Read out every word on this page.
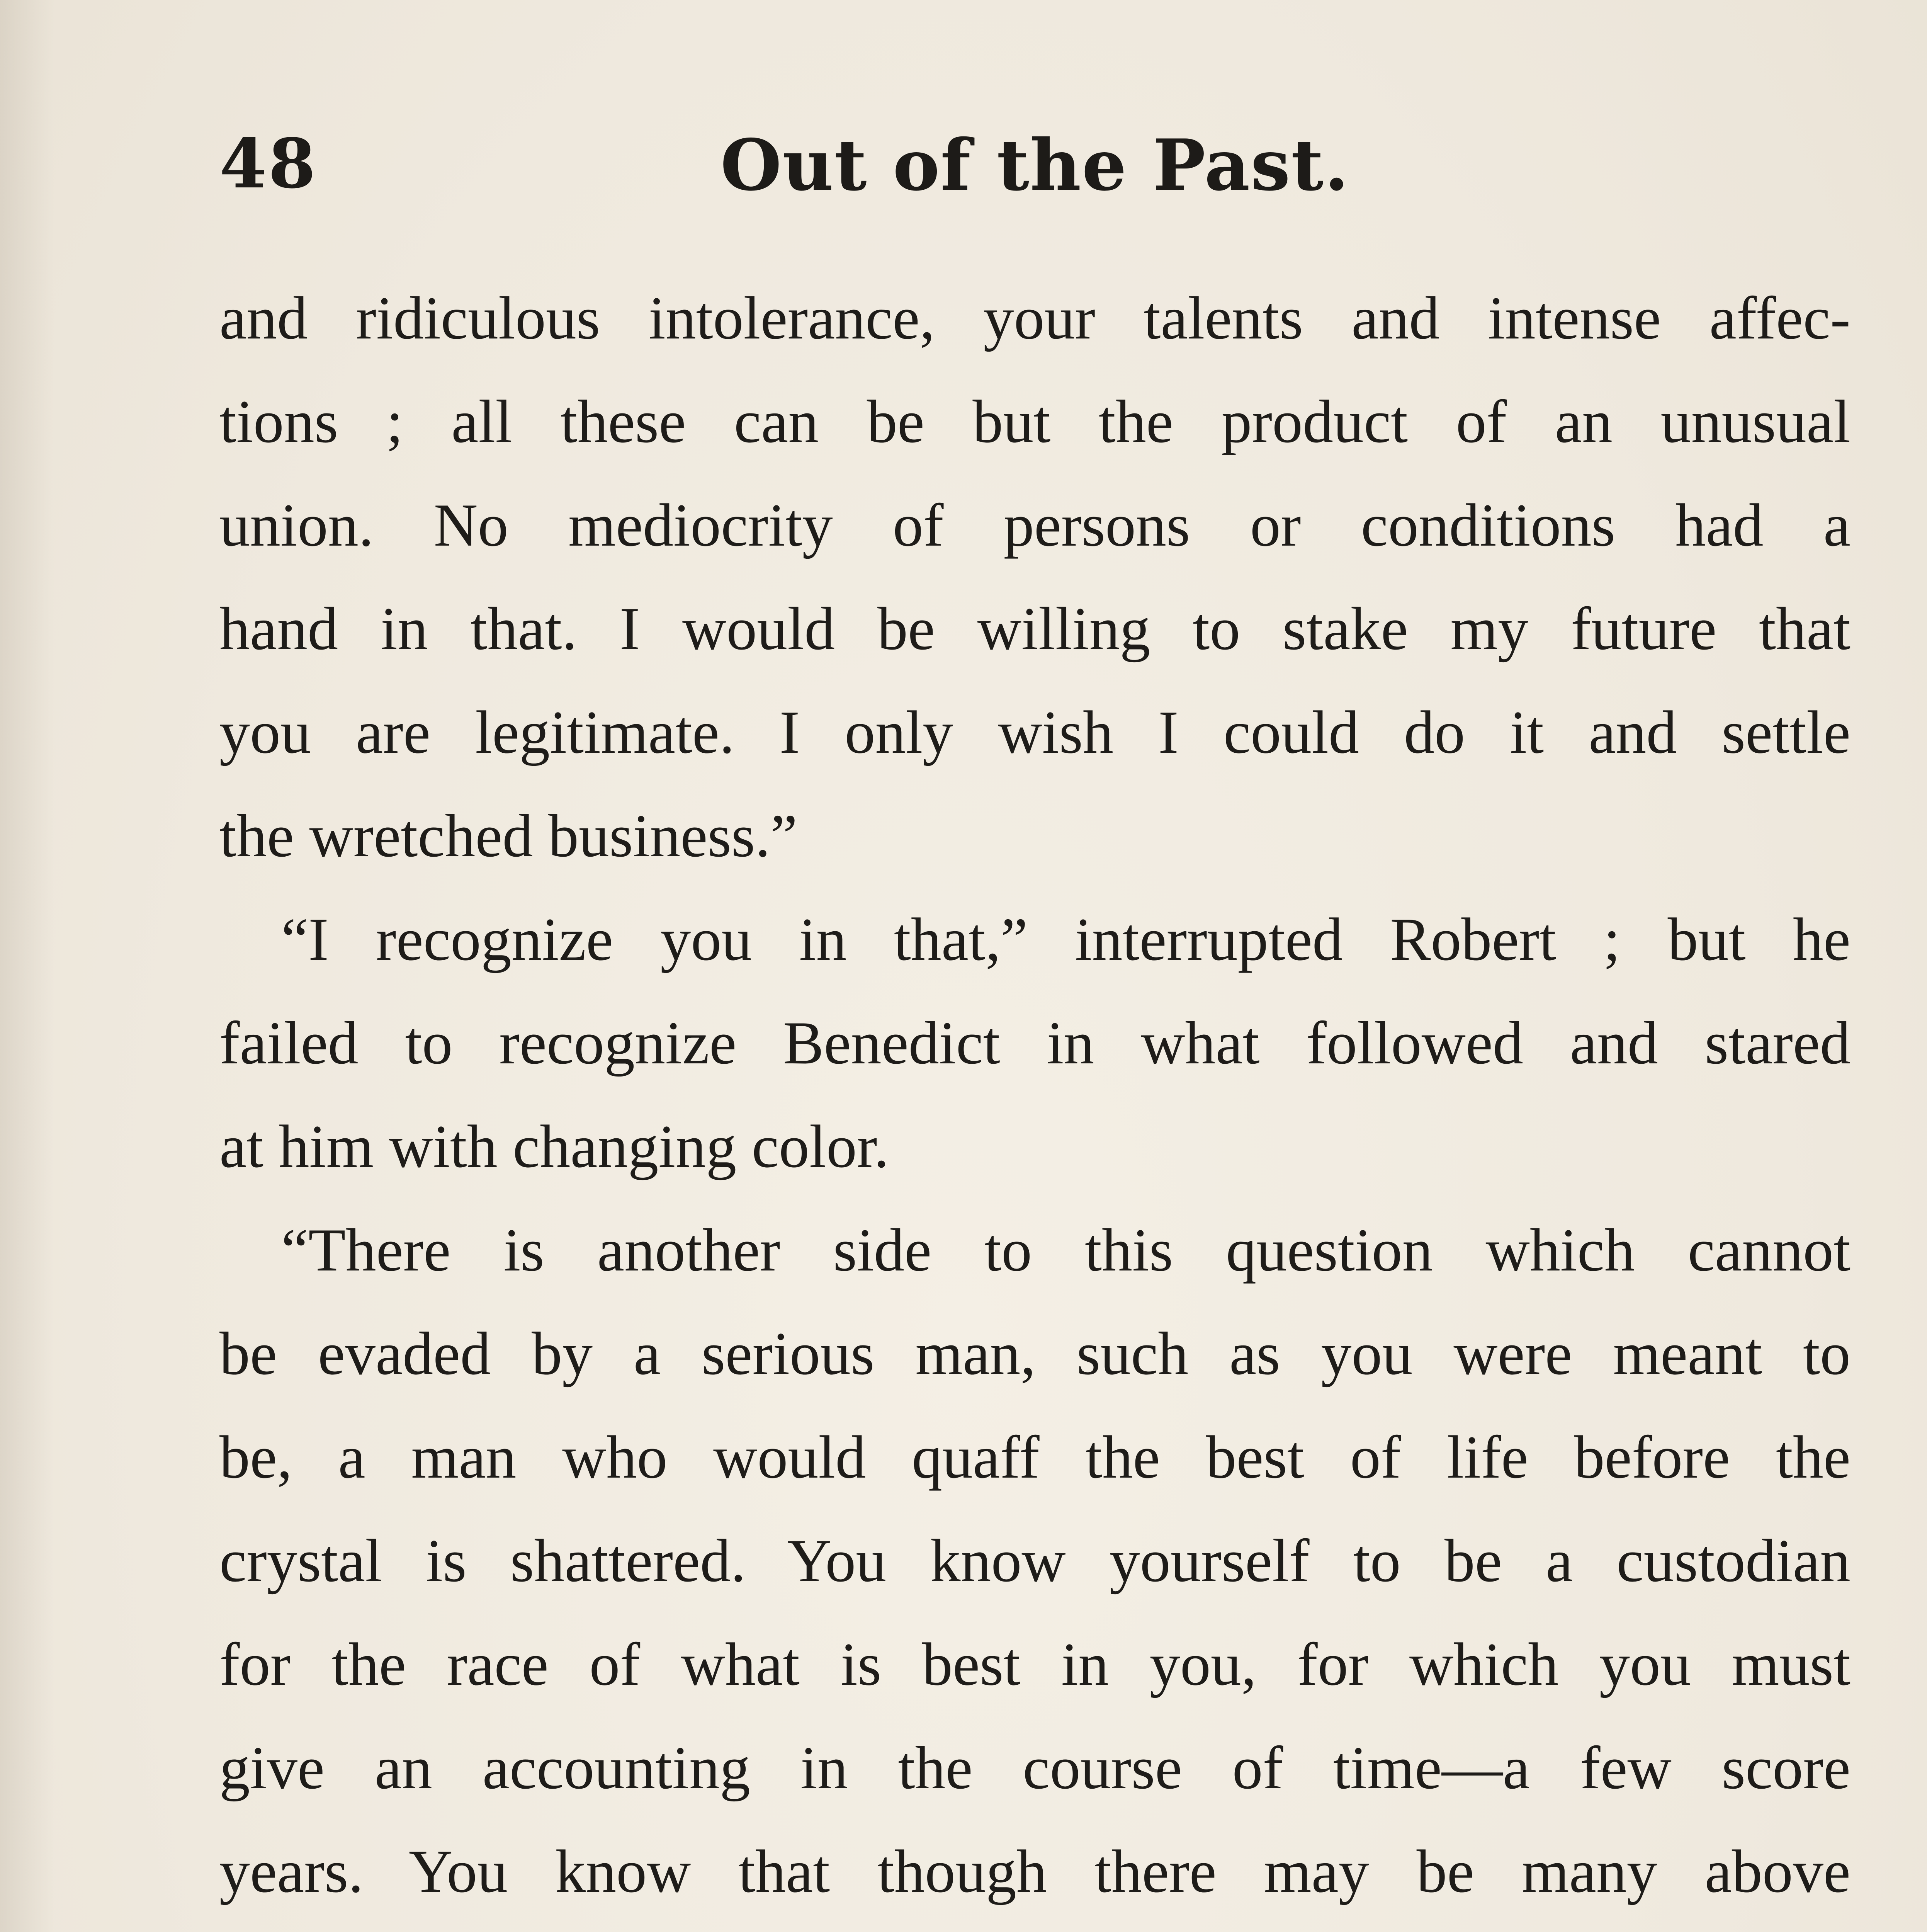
48	Out of the Past.
and ridiculous intolerance, your talents and intense affec-
tions ; all these can be but the product of an unusual
union. No mediocrity of persons or conditions had a
hand in that. I would be willing to stake my future that
you are legitimate. I only wish I could do it and settle
the wretched business.”
“I recognize you in that,” interrupted Robert ; but he
failed to recognize Benedict in what followed and stared
at him with changing color.
“There is another side to this question which cannot
be evaded by a serious man, such as you were meant to
be, a man who would quaff the best of life before the
crystal is shattered. You know yourself to be a custodian
for the race of what is best in you, for which you must
give an accounting in the course of time—a few score
years. You know that though there may be many above
